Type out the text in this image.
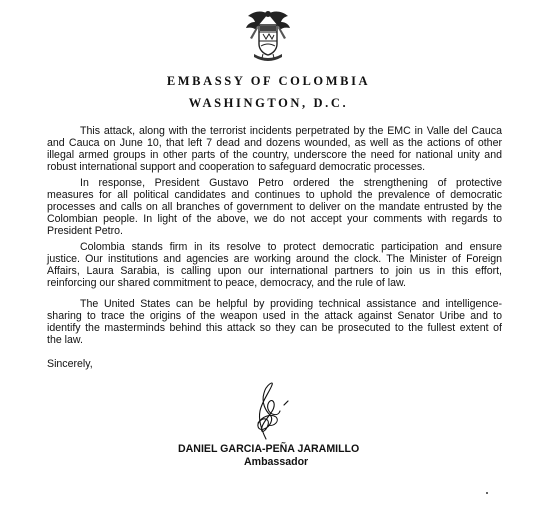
EMBASSY OF COLOMBIA
WASHINGTON, D.C.

This attack, along with the terrorist incidents perpetrated by the EMC in Valle del Cauca
and Cauca on June 10, that left 7 dead and dozens wounded, as well as the actions of other
illegal armed groups in other parts of the country, underscore the need for national unity and
robust international support and cooperation to safeguard democratic processes.

In response, President Gustavo Petro ordered the strengthening of protective
measures for all political candidates and continues to uphold the prevalence of democratic
processes and calls on all branches of government to deliver on the mandate entrusted by the
Colombian people. In light of the above, we do not accept your comments with regards to
President Petro.

Colombia stands firm in its resolve to protect democratic participation and ensure
justice. Our institutions and agencies are working around the clock. The Minister of Foreign
Affairs, Laura Sarabia, is calling upon our international partners to join us in this effort,
reinforcing our shared commitment to peace, democracy, and the rule of law.

The United States can be helpful by providing technical assistance and intelligence-
sharing to trace the origins of the weapon used in the attack against Senator Uribe and to
identify the masterminds behind this attack so they can be prosecuted to the fullest extent of
the law.

Sincerely,
DANIEL GARCIA-PEÑA JARAMILLO
Ambassador
